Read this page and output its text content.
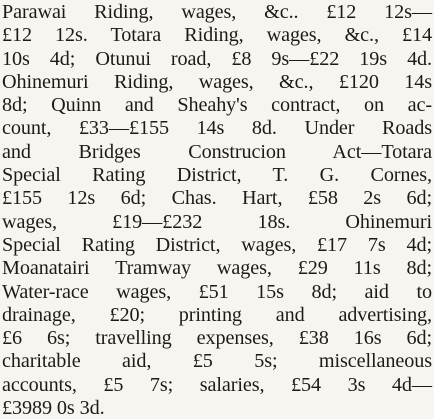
Parawai Riding, wages, &c.. £12 12s—
£12 12s. Totara Riding, wages, &c., £14
10s 4d; Otunui road, £8 9s—£22 19s 4d.
Ohinemuri Riding, wages, &c., £120 14s
8d; Quinn and Sheahy's contract, on ac-
count, £33—£155 14s 8d. Under Roads
and Bridges Construcion Act—Totara
Special Rating District, T. G. Cornes,
£155 12s 6d; Chas. Hart, £58 2s 6d;
wages, £19—£232 18s. Ohinemuri
Special Rating District, wages, £17 7s 4d;
Moanatairi Tramway wages, £29 11s 8d;
Water-race wages, £51 15s 8d; aid to
drainage, £20; printing and advertising,
£6 6s; travelling expenses, £38 16s 6d;
charitable aid, £5 5s; miscellaneous
accounts, £5 7s; salaries, £54 3s 4d—
£3989 0s 3d.
